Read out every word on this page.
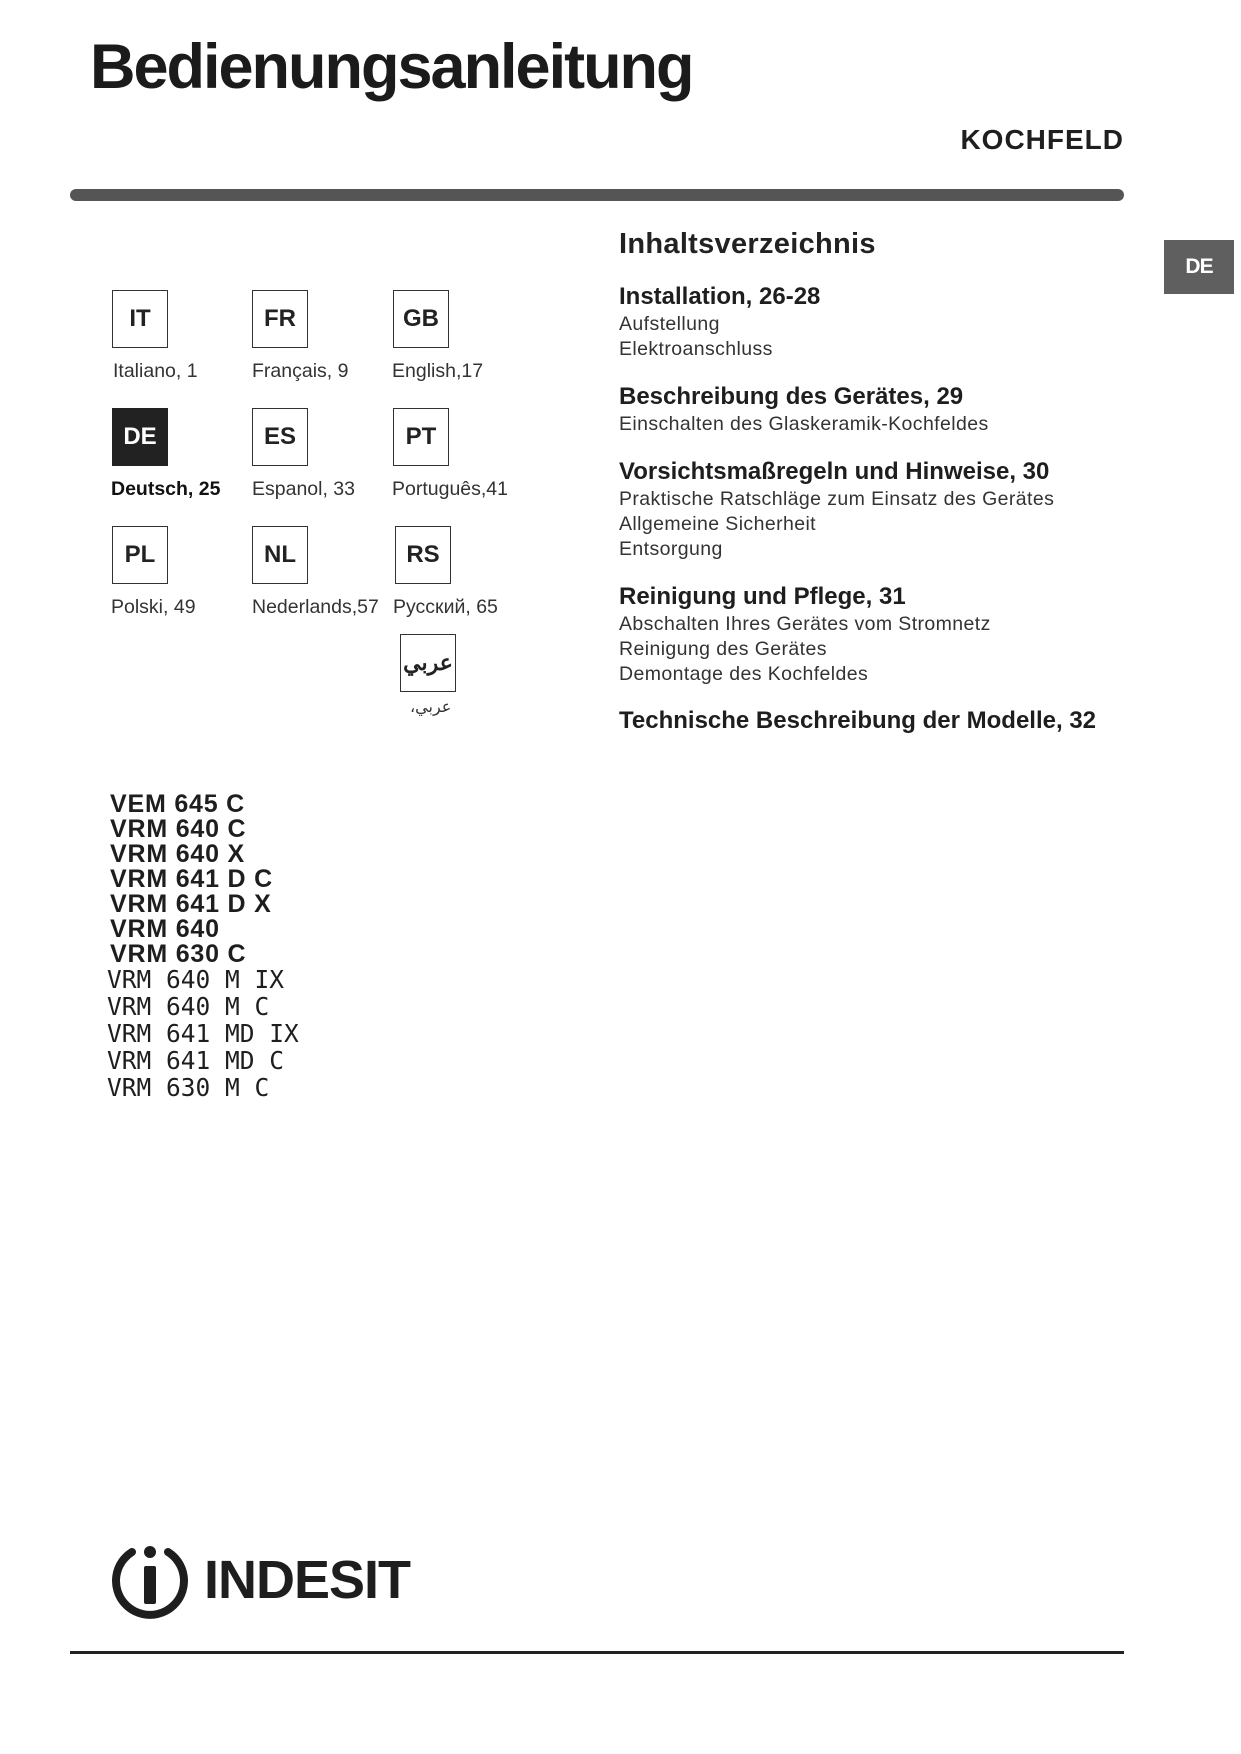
Bedienungsanleitung
KOCHFELD
DE
IT
Italiano, 1
FR
Français, 9
GB
English,17
DE
Deutsch, 25
ES
Espanol, 33
PT
Português,41
PL
Polski, 49
NL
Nederlands,57
RS
Русский, 65
عربي
عربي،
Inhaltsverzeichnis
Installation, 26-28
Aufstellung
Elektroanschluss
Beschreibung des Gerätes, 29
Einschalten des Glaskeramik-Kochfeldes
Vorsichtsmaßregeln und Hinweise, 30
Praktische Ratschläge zum Einsatz des Gerätes
Allgemeine Sicherheit
Entsorgung
Reinigung und Pflege, 31
Abschalten Ihres Gerätes vom Stromnetz
Reinigung des Gerätes
Demontage des Kochfeldes
Technische Beschreibung der Modelle, 32
VEM 645 C
VRM 640 C
VRM 640 X
VRM 641 D C
VRM 641 D X
VRM 640
VRM 630 C
VRM 640 M IX
VRM 640 M C
VRM 641 MD IX
VRM 641 MD C
VRM 630 M C
INDESIT
